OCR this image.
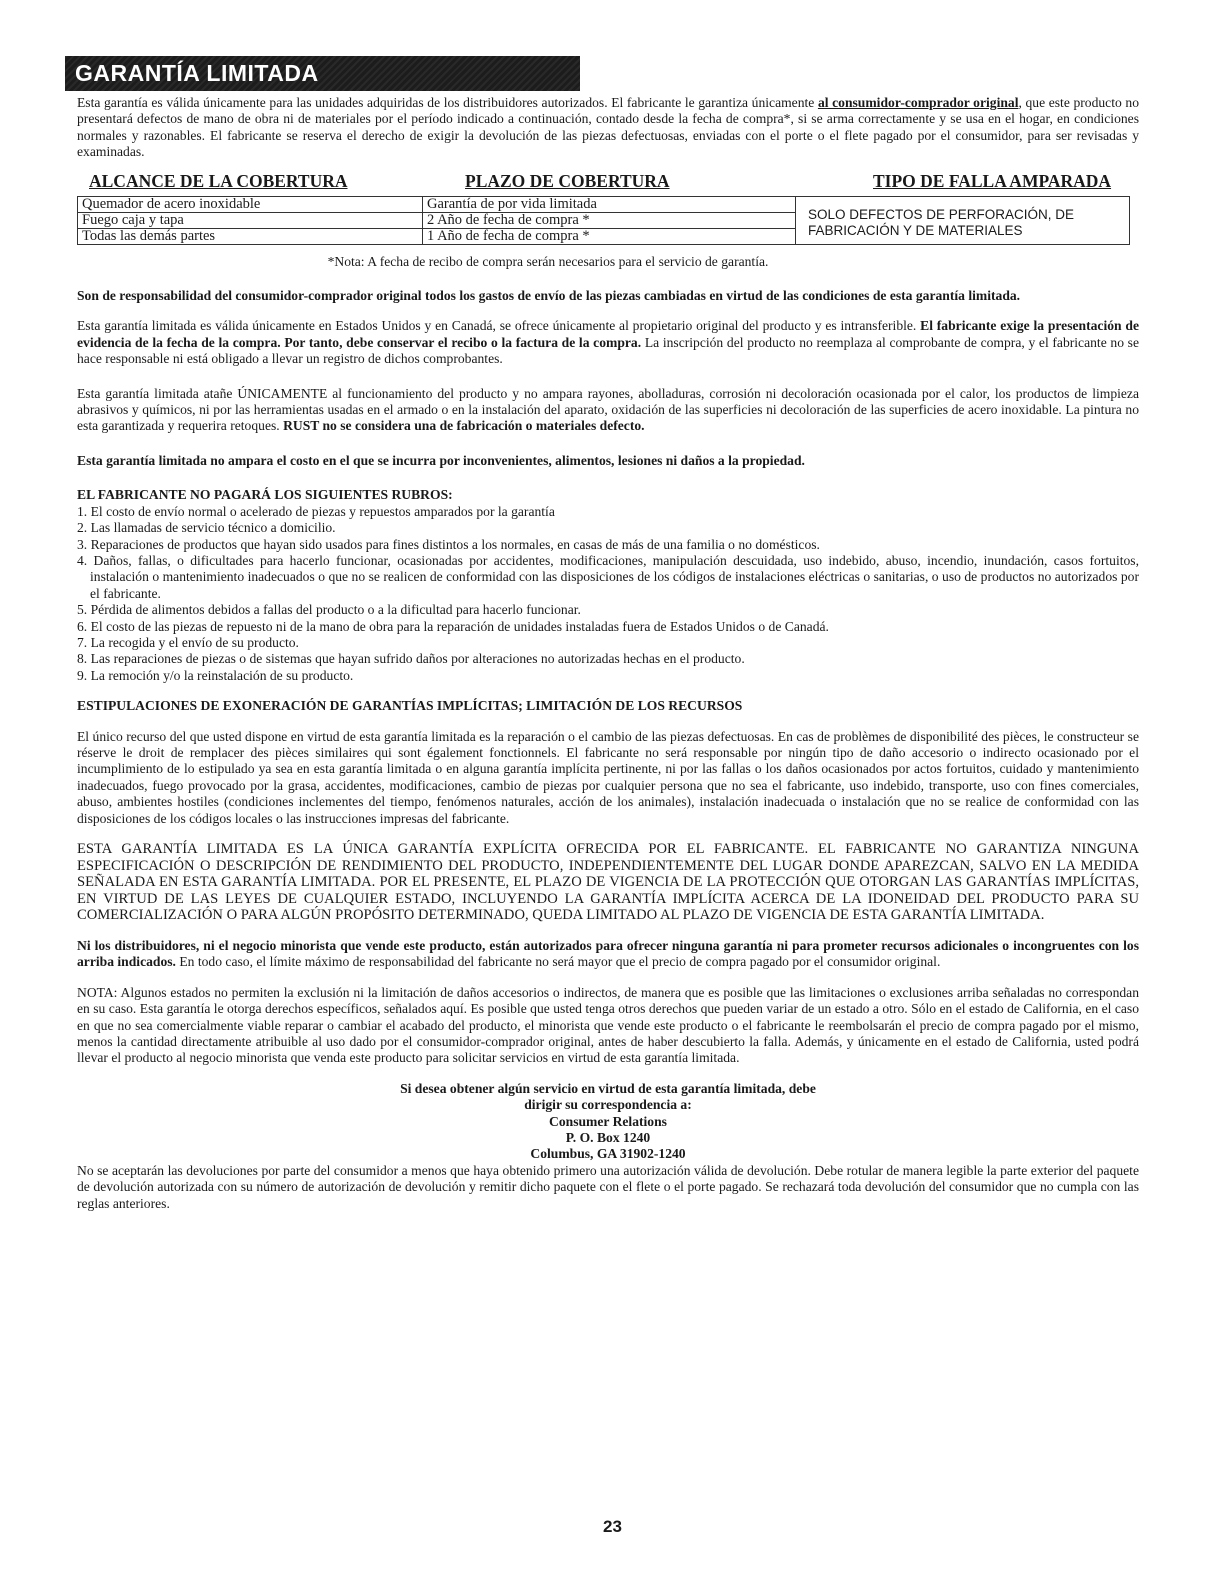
GARANTÍA LIMITADA

Esta garantía es válida únicamente para las unidades adquiridas de los distribuidores autorizados. El fabricante le garantiza únicamente al consumidor-comprador original, que este producto no presentará defectos de mano de obra ni de materiales por el período indicado a continuación, contado desde la fecha de compra*, si se arma correctamente y se usa en el hogar, en condiciones normales y razonables. El fabricante se reserva el derecho de exigir la devolución de las piezas defectuosas, enviadas con el porte o el flete pagado por el consumidor, para ser revisadas y examinadas.

ALCANCE DE LA COBERTURA	PLAZO DE COBERTURA	TIPO DE FALLA AMPARADA
Quemador de acero inoxidable	Garantía de por vida limitada	SOLO DEFECTOS DE PERFORACIÓN, DE FABRICACIÓN Y DE MATERIALES
Fuego caja y tapa	2 Año de fecha de compra *	
Todas las demás partes	1 Año de fecha de compra *	

*Nota: A fecha de recibo de compra serán necesarios para el servicio de garantía.

Son de responsabilidad del consumidor-comprador original todos los gastos de envío de las piezas cambiadas en virtud de las condiciones de esta garantía limitada.

Esta garantía limitada es válida únicamente en Estados Unidos y en Canadá, se ofrece únicamente al propietario original del producto y es intransferible. El fabricante exige la presentación de evidencia de la fecha de la compra. Por tanto, debe conservar el recibo o la factura de la compra. La inscripción del producto no reemplaza al comprobante de compra, y el fabricante no se hace responsable ni está obligado a llevar un registro de dichos comprobantes.

Esta garantía limitada atañe ÚNICAMENTE al funcionamiento del producto y no ampara rayones, abolladuras, corrosión ni decoloración ocasionada por el calor, los productos de limpieza abrasivos y químicos, ni por las herramientas usadas en el armado o en la instalación del aparato, oxidación de las superficies ni decoloración de las superficies de acero inoxidable. La pintura no esta garantizada y requerira retoques. RUST no se considera una de fabricación o materiales defecto.

Esta garantía limitada no ampara el costo en el que se incurra por inconvenientes, alimentos, lesiones ni daños a la propiedad.

EL FABRICANTE NO PAGARÁ LOS SIGUIENTES RUBROS:

1. El costo de envío normal o acelerado de piezas y repuestos amparados por la garantía
2. Las llamadas de servicio técnico a domicilio.
3. Reparaciones de productos que hayan sido usados para fines distintos a los normales, en casas de más de una familia o no domésticos.
4. Daños, fallas, o dificultades para hacerlo funcionar, ocasionadas por accidentes, modificaciones, manipulación descuidada, uso indebido, abuso, incendio, inundación, casos fortuitos, instalación o mantenimiento inadecuados o que no se realicen de conformidad con las disposiciones de los códigos de instalaciones eléctricas o sanitarias, o uso de productos no autorizados por el fabricante.
5. Pérdida de alimentos debidos a fallas del producto o a la dificultad para hacerlo funcionar.
6. El costo de las piezas de repuesto ni de la mano de obra para la reparación de unidades instaladas fuera de Estados Unidos o de Canadá.
7. La recogida y el envío de su producto.
8. Las reparaciones de piezas o de sistemas que hayan sufrido daños por alteraciones no autorizadas hechas en el producto.
9. La remoción y/o la reinstalación de su producto.

ESTIPULACIONES DE EXONERACIÓN DE GARANTÍAS IMPLÍCITAS; LIMITACIÓN DE LOS RECURSOS

El único recurso del que usted dispone en virtud de esta garantía limitada es la reparación o el cambio de las piezas defectuosas. En cas de problèmes de disponibilité des pièces, le constructeur se réserve le droit de remplacer des pièces similaires qui sont également fonctionnels. El fabricante no será responsable por ningún tipo de daño accesorio o indirecto ocasionado por el incumplimiento de lo estipulado ya sea en esta garantía limitada o en alguna garantía implícita pertinente, ni por las fallas o los daños ocasionados por actos fortuitos, cuidado y mantenimiento inadecuados, fuego provocado por la grasa, accidentes, modificaciones, cambio de piezas por cualquier persona que no sea el fabricante, uso indebido, transporte, uso con fines comerciales, abuso, ambientes hostiles (condiciones inclementes del tiempo, fenómenos naturales, acción de los animales), instalación inadecuada o instalación que no se realice de conformidad con las disposiciones de los códigos locales o las instrucciones impresas del fabricante.

ESTA GARANTÍA LIMITADA ES LA ÚNICA GARANTÍA EXPLÍCITA OFRECIDA POR EL FABRICANTE. EL FABRICANTE NO GARANTIZA NINGUNA ESPECIFICACIÓN O DESCRIPCIÓN DE RENDIMIENTO DEL PRODUCTO, INDEPENDIENTEMENTE DEL LUGAR DONDE APAREZCAN, SALVO EN LA MEDIDA SEÑALADA EN ESTA GARANTÍA LIMITADA. POR EL PRESENTE, EL PLAZO DE VIGENCIA DE LA PROTECCIÓN QUE OTORGAN LAS GARANTÍAS IMPLÍCITAS, EN VIRTUD DE LAS LEYES DE CUALQUIER ESTADO, INCLUYENDO LA GARANTÍA IMPLÍCITA ACERCA DE LA IDONEIDAD DEL PRODUCTO PARA SU COMERCIALIZACIÓN O PARA ALGÚN PROPÓSITO DETERMINADO, QUEDA LIMITADO AL PLAZO DE VIGENCIA DE ESTA GARANTÍA LIMITADA.

Ni los distribuidores, ni el negocio minorista que vende este producto, están autorizados para ofrecer ninguna garantía ni para prometer recursos adicionales o incongruentes con los arriba indicados. En todo caso, el límite máximo de responsabilidad del fabricante no será mayor que el precio de compra pagado por el consumidor original.

NOTA: Algunos estados no permiten la exclusión ni la limitación de daños accesorios o indirectos, de manera que es posible que las limitaciones o exclusiones arriba señaladas no correspondan en su caso. Esta garantía le otorga derechos específicos, señalados aquí. Es posible que usted tenga otros derechos que pueden variar de un estado a otro. Sólo en el estado de California, en el caso en que no sea comercialmente viable reparar o cambiar el acabado del producto, el minorista que vende este producto o el fabricante le reembolsarán el precio de compra pagado por el mismo, menos la cantidad directamente atribuible al uso dado por el consumidor-comprador original, antes de haber descubierto la falla. Además, y únicamente en el estado de California, usted podrá llevar el producto al negocio minorista que venda este producto para solicitar servicios en virtud de esta garantía limitada.

Si desea obtener algún servicio en virtud de esta garantía limitada, debe

dirigir su correspondencia a:

Consumer Relations

P. O. Box 1240

Columbus, GA 31902-1240

No se aceptarán las devoluciones por parte del consumidor a menos que haya obtenido primero una autorización válida de devolución. Debe rotular de manera legible la parte exterior del paquete de devolución autorizada con su número de autorización de devolución y remitir dicho paquete con el flete o el porte pagado. Se rechazará toda devolución del consumidor que no cumpla con las reglas anteriores.

23
